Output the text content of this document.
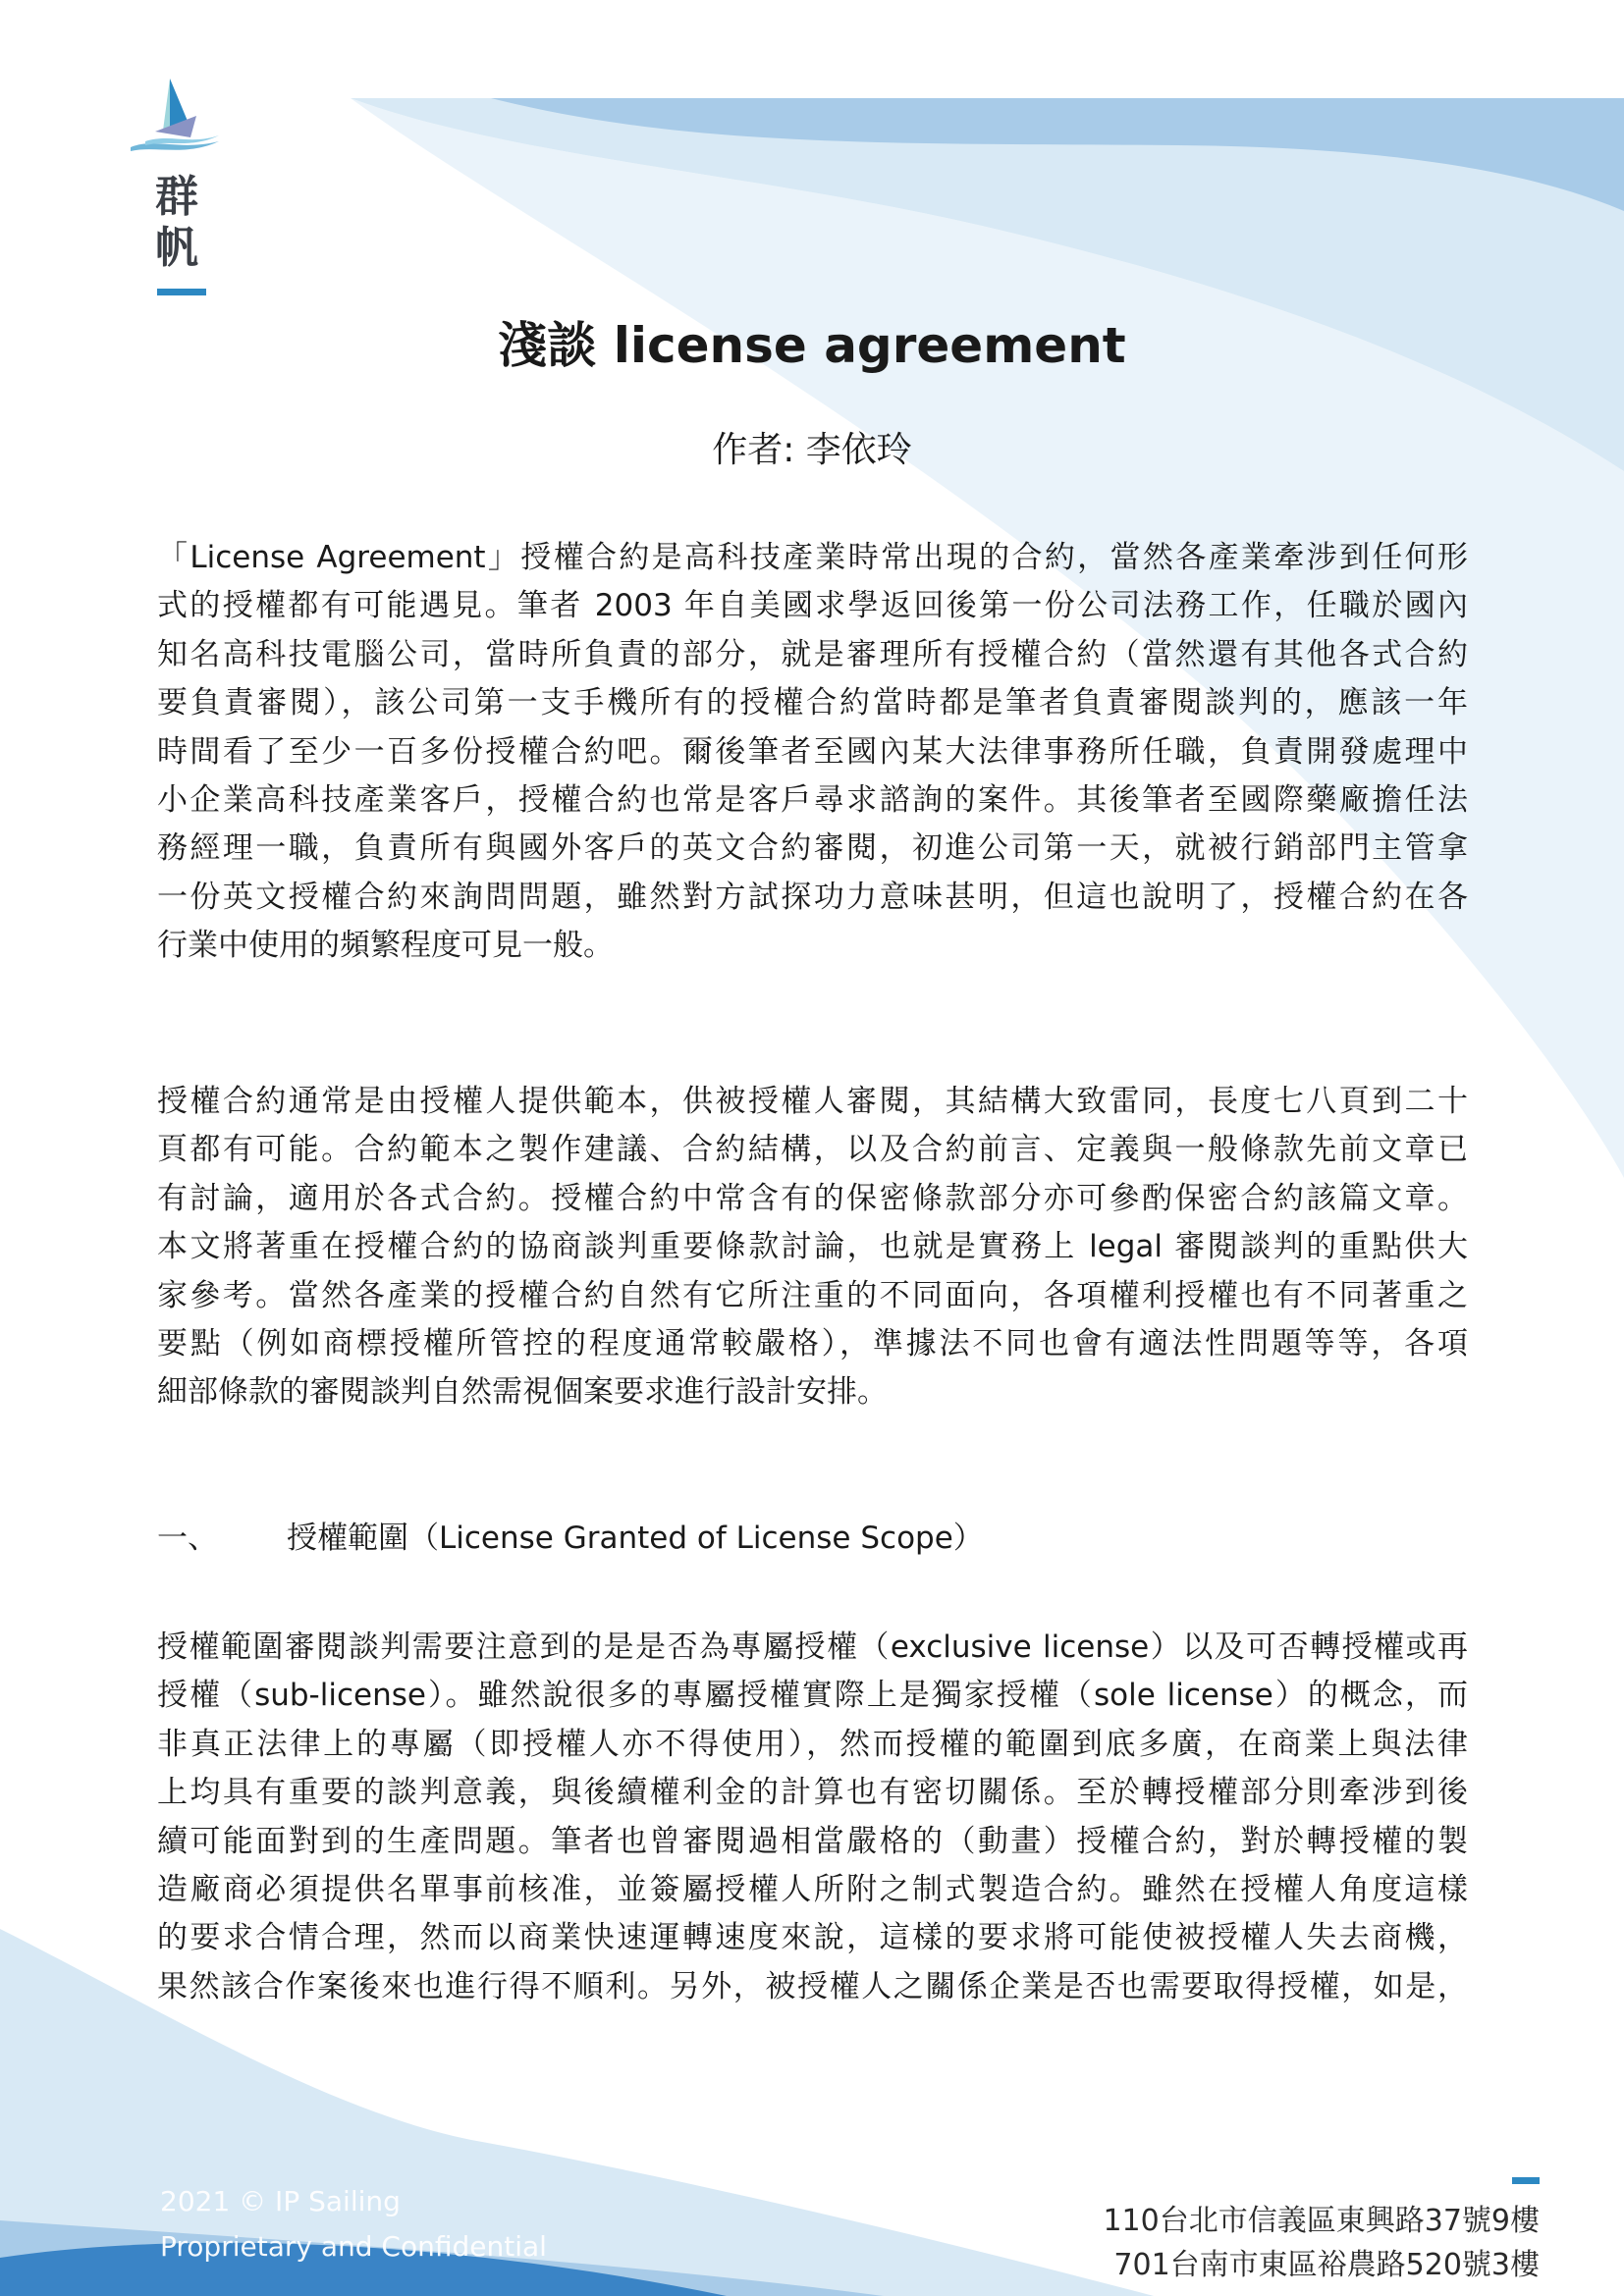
群
帆
淺談 license agreement
作者: 李依玲
「License Agreement」授權合約是高科技產業時常出現的合約，當然各產業牽涉到任何形
式的授權都有可能遇見。筆者 2003 年自美國求學返回後第一份公司法務工作，任職於國內
知名高科技電腦公司，當時所負責的部分，就是審理所有授權合約（當然還有其他各式合約
要負責審閱），該公司第一支手機所有的授權合約當時都是筆者負責審閱談判的，應該一年
時間看了至少一百多份授權合約吧。爾後筆者至國內某大法律事務所任職，負責開發處理中
小企業高科技產業客戶，授權合約也常是客戶尋求諮詢的案件。其後筆者至國際藥廠擔任法
務經理一職，負責所有與國外客戶的英文合約審閱，初進公司第一天，就被行銷部門主管拿
一份英文授權合約來詢問問題，雖然對方試探功力意味甚明，但這也說明了，授權合約在各
行業中使用的頻繁程度可見一般。
授權合約通常是由授權人提供範本，供被授權人審閱，其結構大致雷同，長度七八頁到二十
頁都有可能。合約範本之製作建議、合約結構，以及合約前言、定義與一般條款先前文章已
有討論，適用於各式合約。授權合約中常含有的保密條款部分亦可參酌保密合約該篇文章。
本文將著重在授權合約的協商談判重要條款討論，也就是實務上 legal 審閱談判的重點供大
家參考。當然各產業的授權合約自然有它所注重的不同面向，各項權利授權也有不同著重之
要點（例如商標授權所管控的程度通常較嚴格），準據法不同也會有適法性問題等等，各項
細部條款的審閱談判自然需視個案要求進行設計安排。
一、 授權範圍（License Granted of License Scope）
授權範圍審閱談判需要注意到的是是否為專屬授權（exclusive license）以及可否轉授權或再
授權（sub-license）。雖然說很多的專屬授權實際上是獨家授權（sole license）的概念，而
非真正法律上的專屬（即授權人亦不得使用），然而授權的範圍到底多廣，在商業上與法律
上均具有重要的談判意義，與後續權利金的計算也有密切關係。至於轉授權部分則牽涉到後
續可能面對到的生產問題。筆者也曾審閱過相當嚴格的（動畫）授權合約，對於轉授權的製
造廠商必須提供名單事前核准，並簽屬授權人所附之制式製造合約。雖然在授權人角度這樣
的要求合情合理，然而以商業快速運轉速度來說，這樣的要求將可能使被授權人失去商機，
果然該合作案後來也進行得不順利。另外，被授權人之關係企業是否也需要取得授權，如是，
2021 © IP Sailing
Proprietary and Confidential
110台北市信義區東興路37號9樓
701台南市東區裕農路520號3樓
